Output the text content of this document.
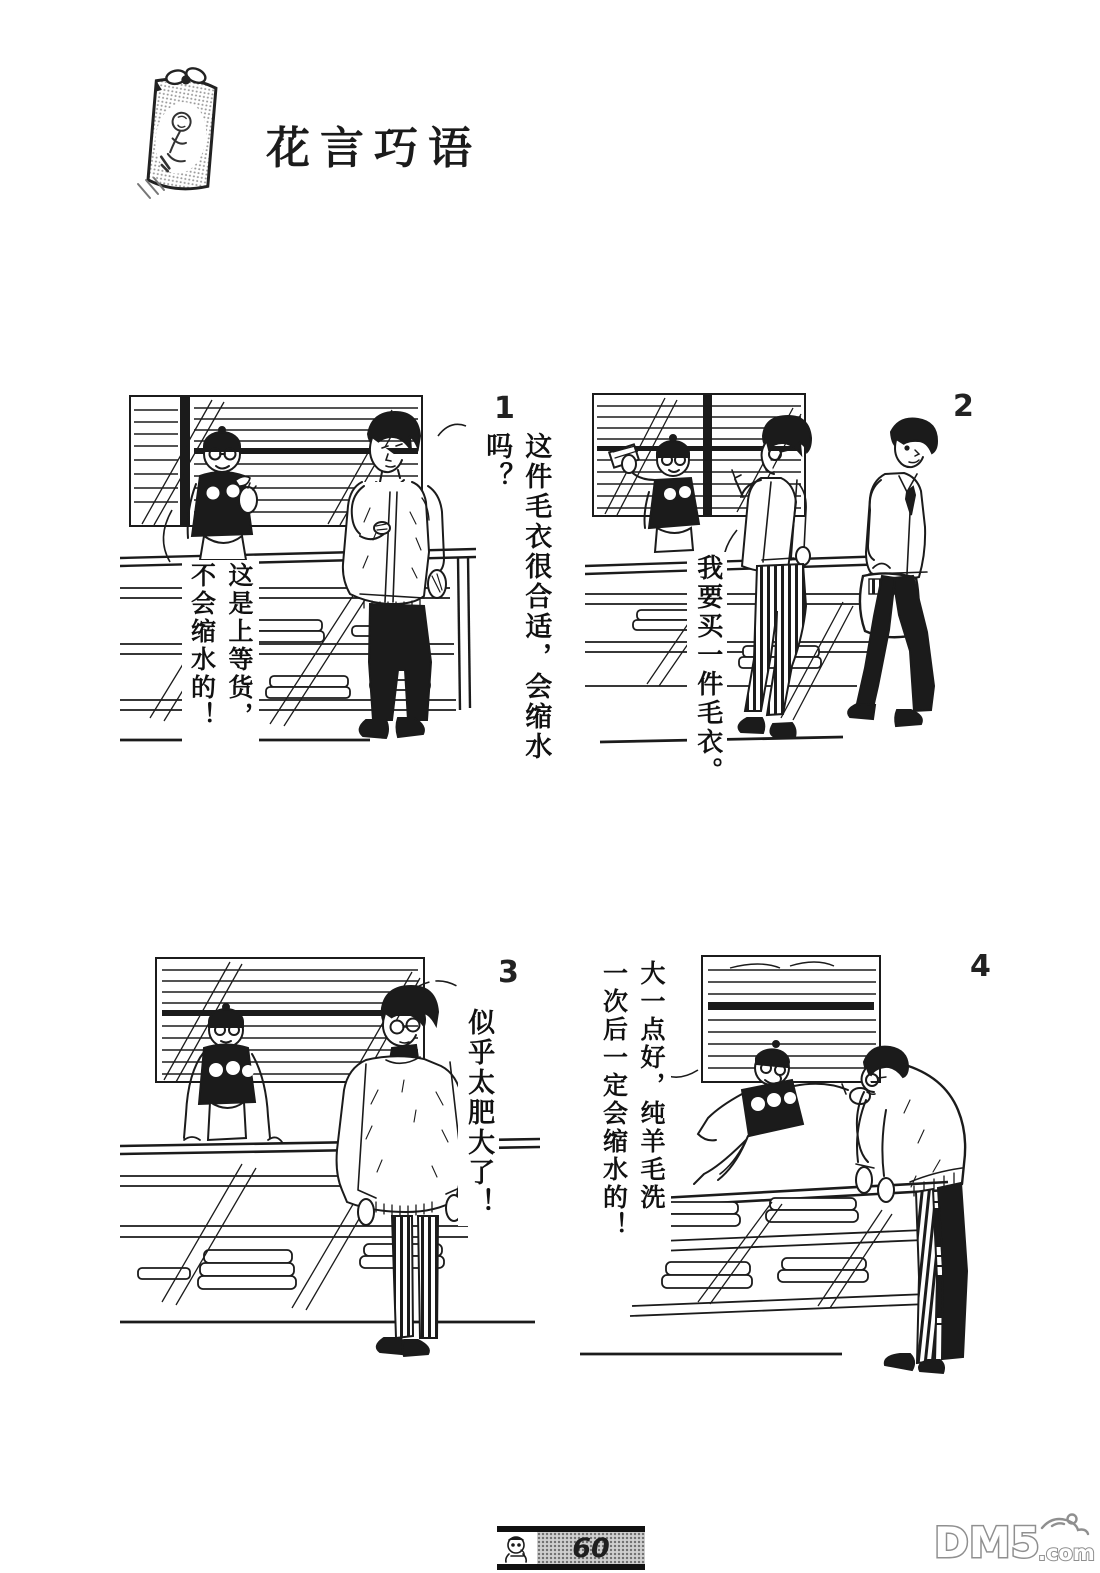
花言巧语
1
这件毛衣很合适，会缩水吗？
这是上等货，
不会缩水的！
2
我要买一件毛衣。
3
似乎太肥大了！
4
大一点好，纯羊毛洗
一次后一定会缩水的！
60	DM5
.com
